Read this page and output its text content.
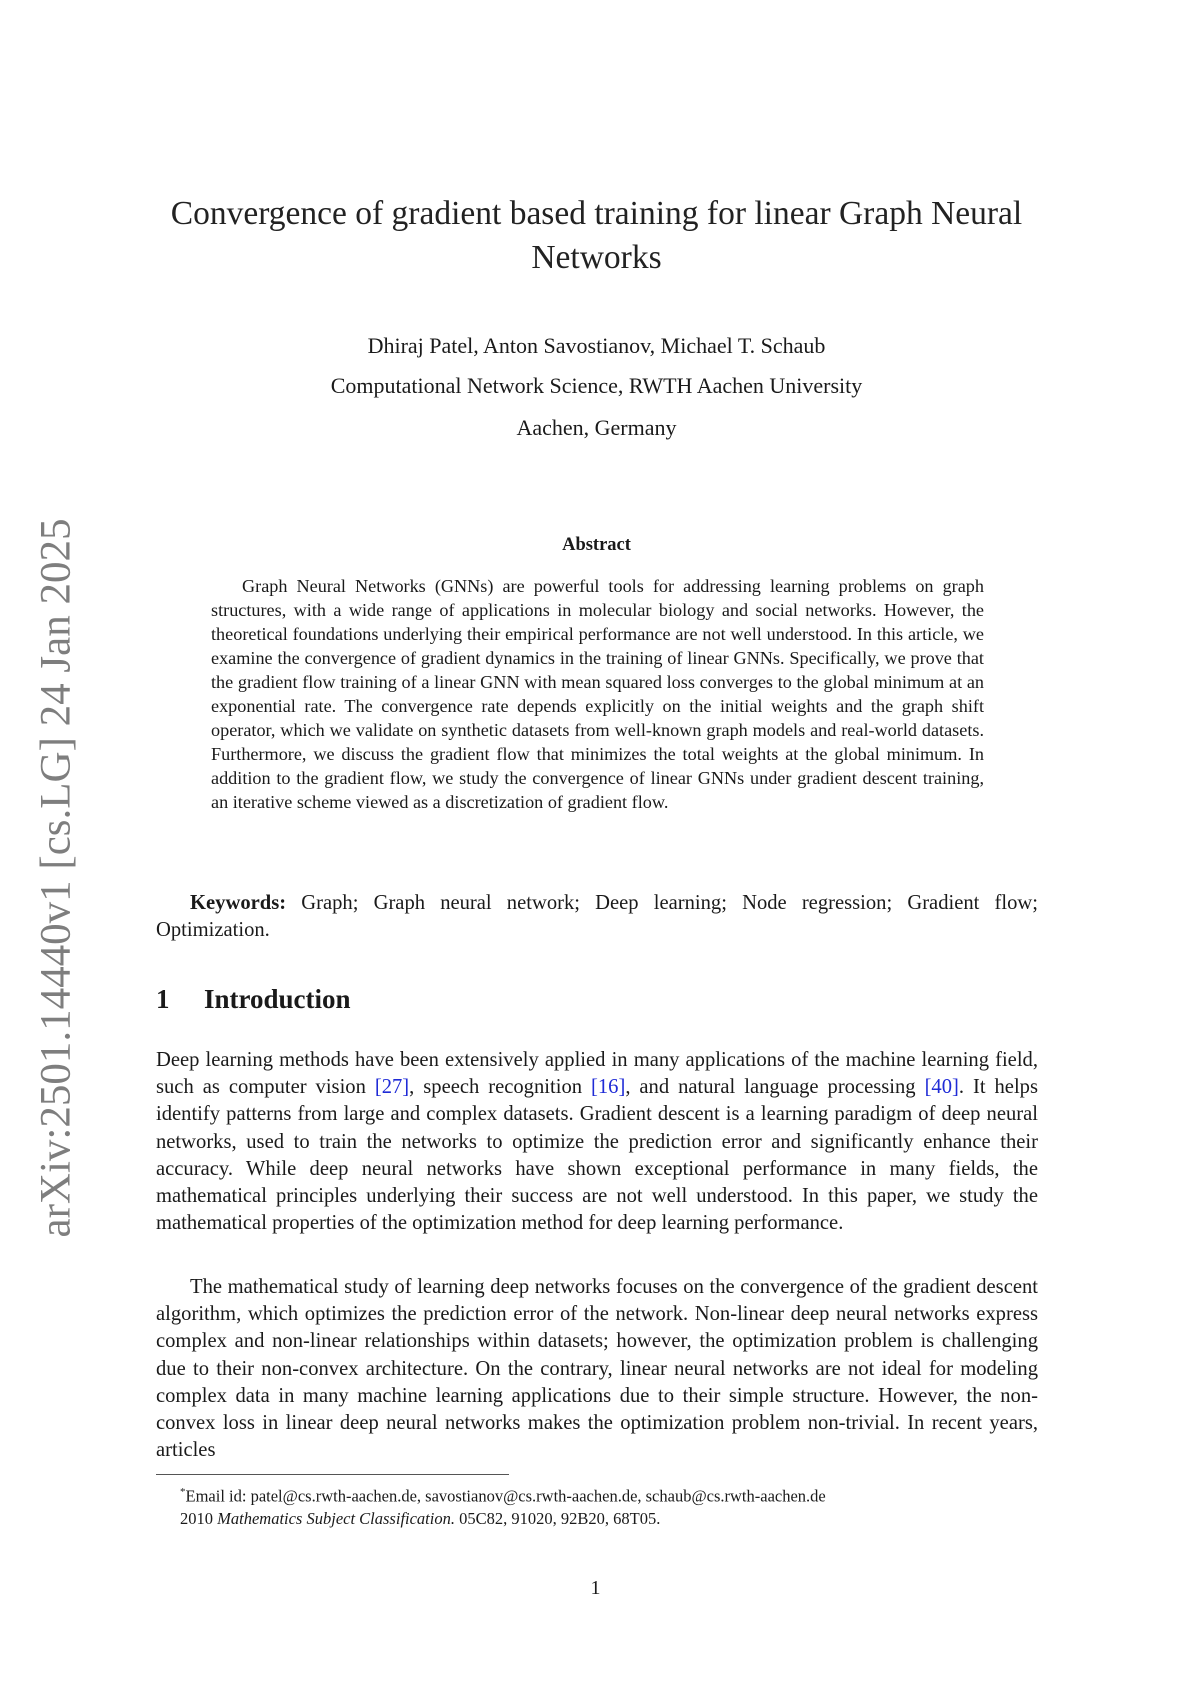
arXiv:2501.14440v1 [cs.LG] 24 Jan 2025
Convergence of gradient based training for linear Graph Neural Networks
Dhiraj Patel, Anton Savostianov, Michael T. Schaub
Computational Network Science, RWTH Aachen University
Aachen, Germany
Abstract
Graph Neural Networks (GNNs) are powerful tools for addressing learning problems on graph structures, with a wide range of applications in molecular biology and social networks. However, the theoretical foundations underlying their empirical performance are not well understood. In this article, we examine the convergence of gradient dynamics in the training of linear GNNs. Specifically, we prove that the gradient flow training of a linear GNN with mean squared loss converges to the global minimum at an exponential rate. The convergence rate depends explicitly on the initial weights and the graph shift operator, which we validate on synthetic datasets from well-known graph models and real-world datasets. Furthermore, we discuss the gradient flow that minimizes the total weights at the global minimum. In addition to the gradient flow, we study the convergence of linear GNNs under gradient descent training, an iterative scheme viewed as a discretization of gradient flow.
Keywords: Graph; Graph neural network; Deep learning; Node regression; Gradient flow; Optimization.
1 Introduction
Deep learning methods have been extensively applied in many applications of the machine learning field, such as computer vision [27], speech recognition [16], and natural language processing [40]. It helps identify patterns from large and complex datasets. Gradient descent is a learning paradigm of deep neural networks, used to train the networks to optimize the prediction error and significantly enhance their accuracy. While deep neural networks have shown exceptional performance in many fields, the mathematical principles underlying their success are not well understood. In this paper, we study the mathematical properties of the optimization method for deep learning performance.
The mathematical study of learning deep networks focuses on the convergence of the gradient descent algorithm, which optimizes the prediction error of the network. Non-linear deep neural networks express complex and non-linear relationships within datasets; however, the optimization problem is challenging due to their non-convex architecture. On the contrary, linear neural networks are not ideal for modeling complex data in many machine learning applications due to their simple structure. However, the non-convex loss in linear deep neural networks makes the optimization problem non-trivial. In recent years, articles
*Email id: patel@cs.rwth-aachen.de, savostianov@cs.rwth-aachen.de, schaub@cs.rwth-aachen.de
2010 Mathematics Subject Classification. 05C82, 91020, 92B20, 68T05.
1
